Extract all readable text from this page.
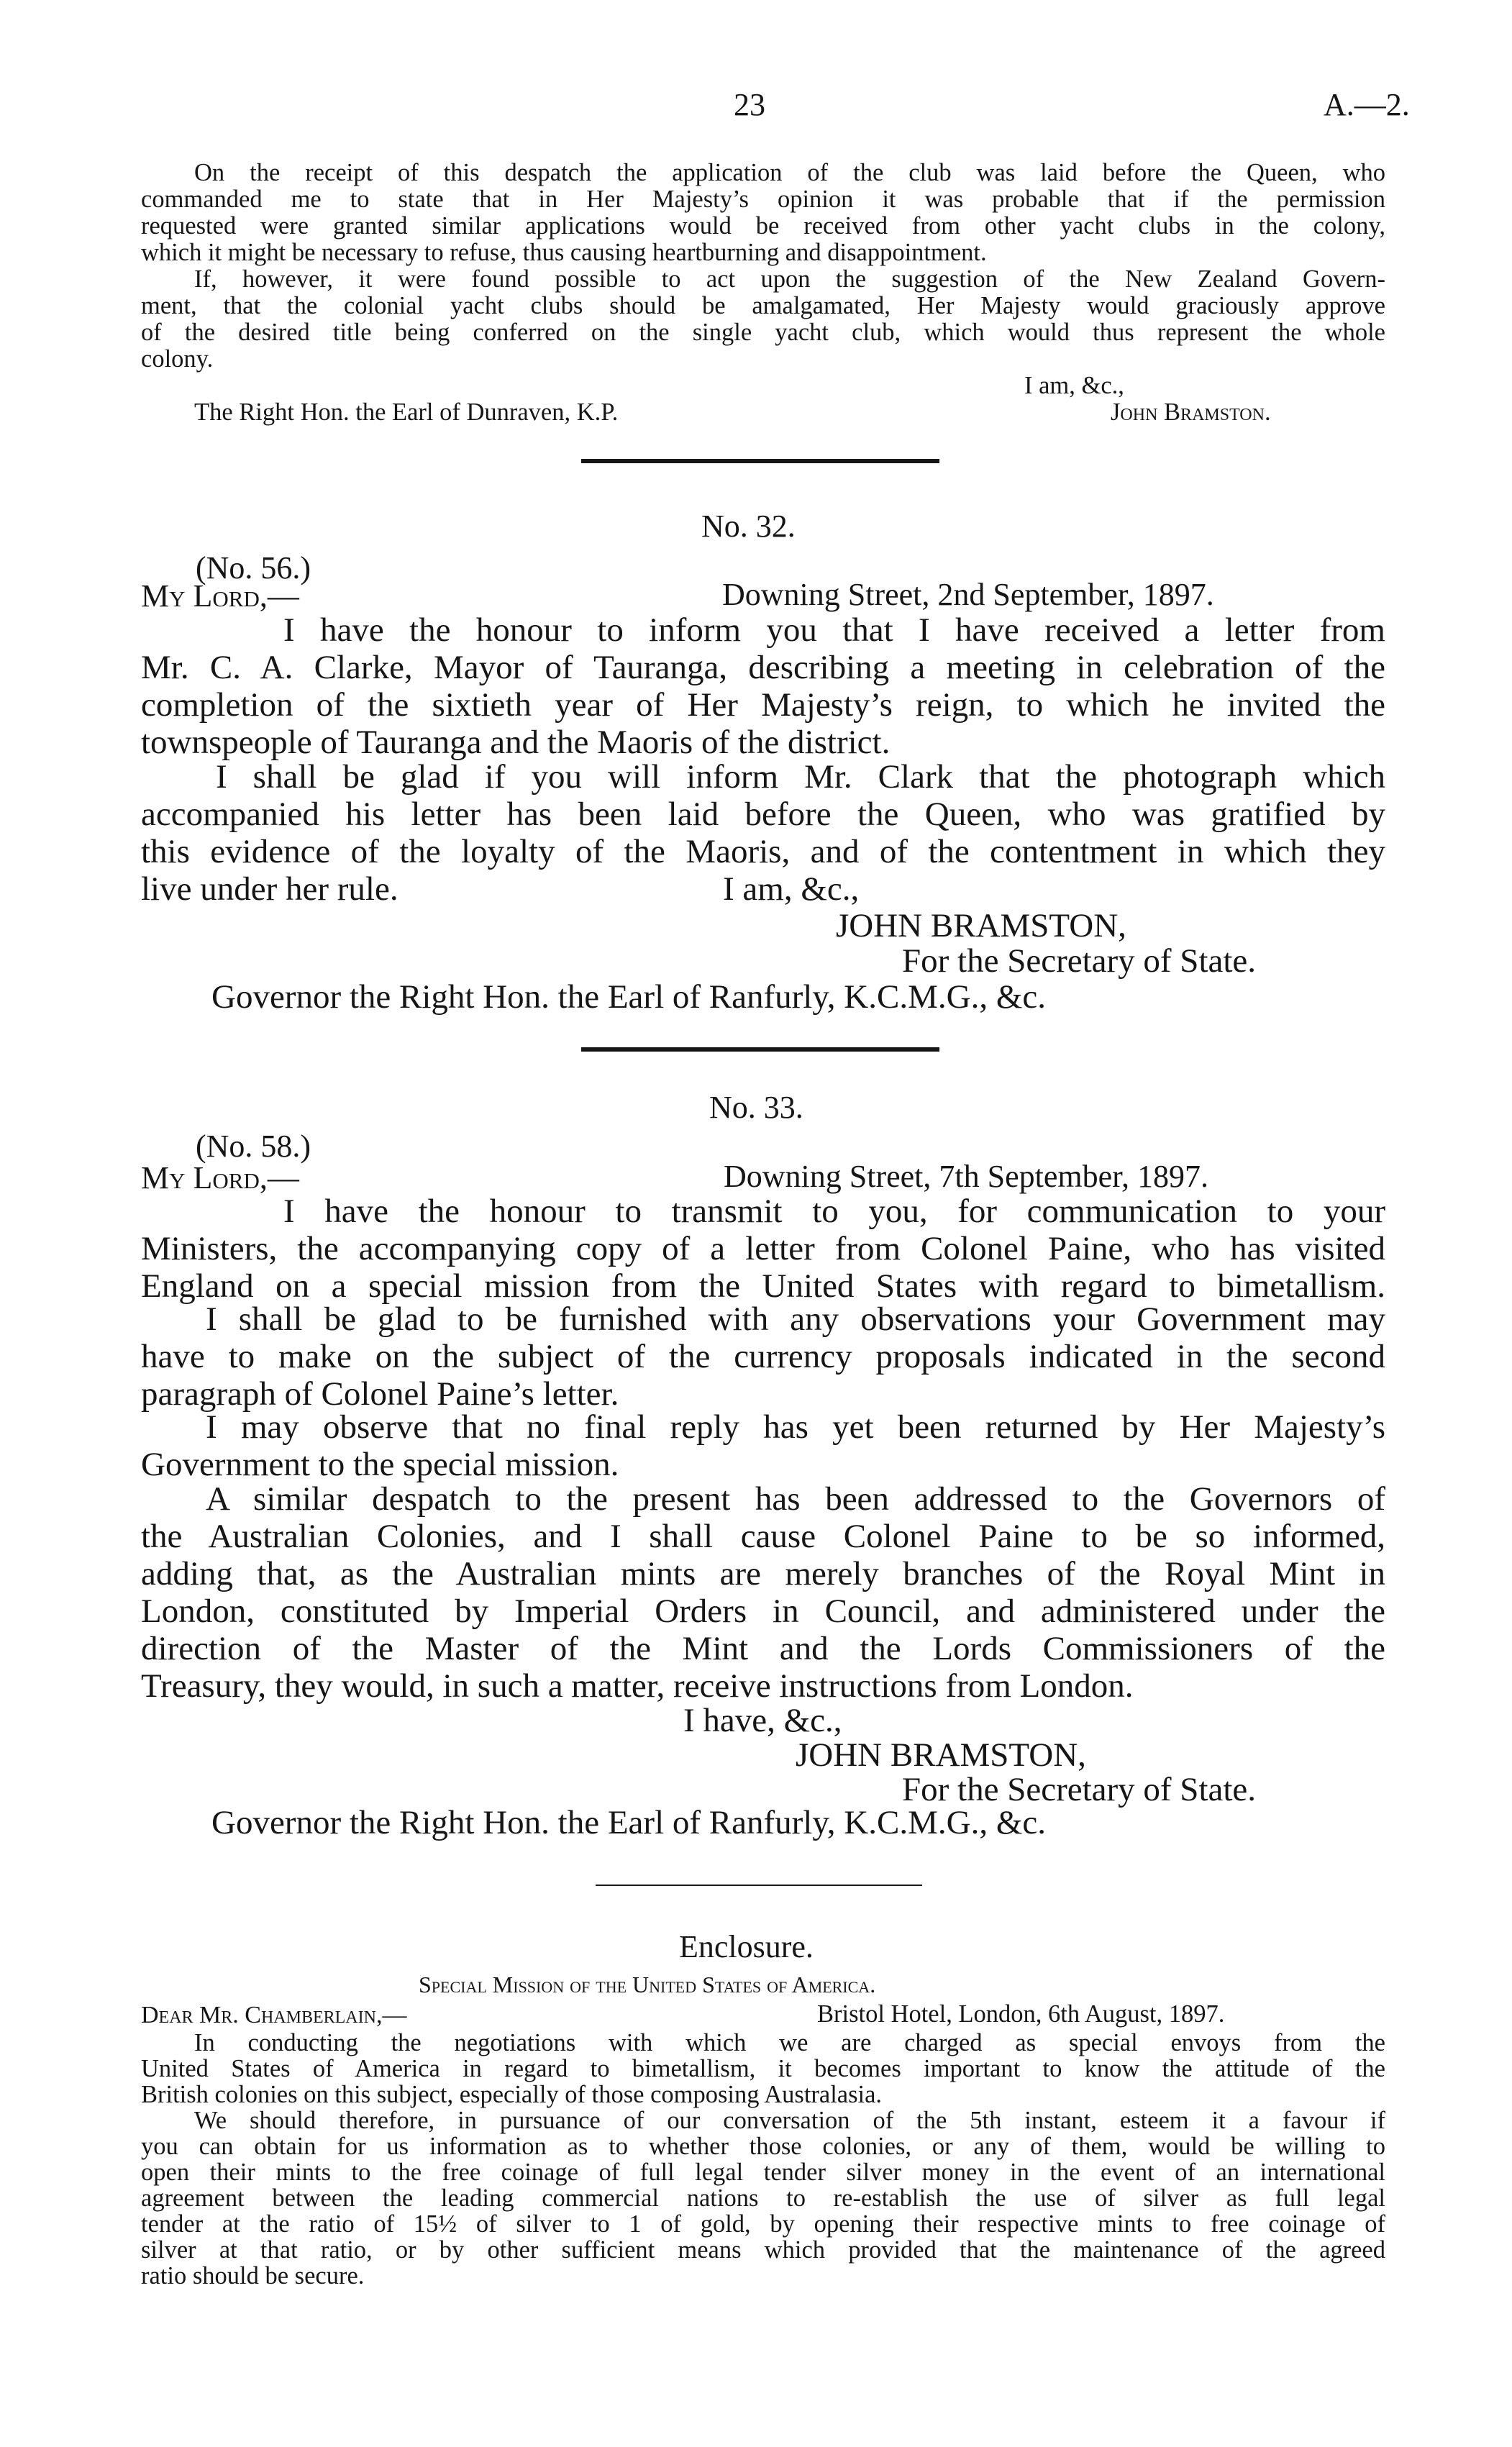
23	A.—2.
On the receipt of this despatch the application of the club was laid before the Queen, who
commanded me to state that in Her Majesty’s opinion it was probable that if the permission
requested were granted similar applications would be received from other yacht clubs in the colony,
which it might be necessary to refuse, thus causing heartburning and disappointment.
If, however, it were found possible to act upon the suggestion of the New Zealand Govern-
ment, that the colonial yacht clubs should be amalgamated, Her Majesty would graciously approve
of the desired title being conferred on the single yacht club, which would thus represent the whole
colony.
I am, &c.,
The Right Hon. the Earl of Dunraven, K.P.	John Bramston.
No. 32.
(No. 56.)
My Lord,—	Downing Street, 2nd September, 1897.
I have the honour to inform you that I have received a letter from
Mr. C. A. Clarke, Mayor of Tauranga, describing a meeting in celebration of the
completion of the sixtieth year of Her Majesty’s reign, to which he invited the
townspeople of Tauranga and the Maoris of the district.
I shall be glad if you will inform Mr. Clark that the photograph which
accompanied his letter has been laid before the Queen, who was gratified by
this evidence of the loyalty of the Maoris, and of the contentment in which they
live under her rule.	I am, &c.,
JOHN BRAMSTON,
For the Secretary of State.
Governor the Right Hon. the Earl of Ranfurly, K.C.M.G., &c.
No. 33.
(No. 58.)
My Lord,—	Downing Street, 7th September, 1897.
I have the honour to transmit to you, for communication to your
Ministers, the accompanying copy of a letter from Colonel Paine, who has visited
England on a special mission from the United States with regard to bimetallism.
I shall be glad to be furnished with any observations your Government may
have to make on the subject of the currency proposals indicated in the second
paragraph of Colonel Paine’s letter.
I may observe that no final reply has yet been returned by Her Majesty’s
Government to the special mission.
A similar despatch to the present has been addressed to the Governors of
the Australian Colonies, and I shall cause Colonel Paine to be so informed,
adding that, as the Australian mints are merely branches of the Royal Mint in
London, constituted by Imperial Orders in Council, and administered under the
direction of the Master of the Mint and the Lords Commissioners of the
Treasury, they would, in such a matter, receive instructions from London.
I have, &c.,
JOHN BRAMSTON,
For the Secretary of State.
Governor the Right Hon. the Earl of Ranfurly, K.C.M.G., &c.
Enclosure.
Special Mission of the United States of America.
Dear Mr. Chamberlain,—	Bristol Hotel, London, 6th August, 1897.
In conducting the negotiations with which we are charged as special envoys from the
United States of America in regard to bimetallism, it becomes important to know the attitude of the
British colonies on this subject, especially of those composing Australasia.
We should therefore, in pursuance of our conversation of the 5th instant, esteem it a favour if
you can obtain for us information as to whether those colonies, or any of them, would be willing to
open their mints to the free coinage of full legal tender silver money in the event of an international
agreement between the leading commercial nations to re-establish the use of silver as full legal
tender at the ratio of 15½ of silver to 1 of gold, by opening their respective mints to free coinage of
silver at that ratio, or by other sufficient means which provided that the maintenance of the agreed
ratio should be secure.
